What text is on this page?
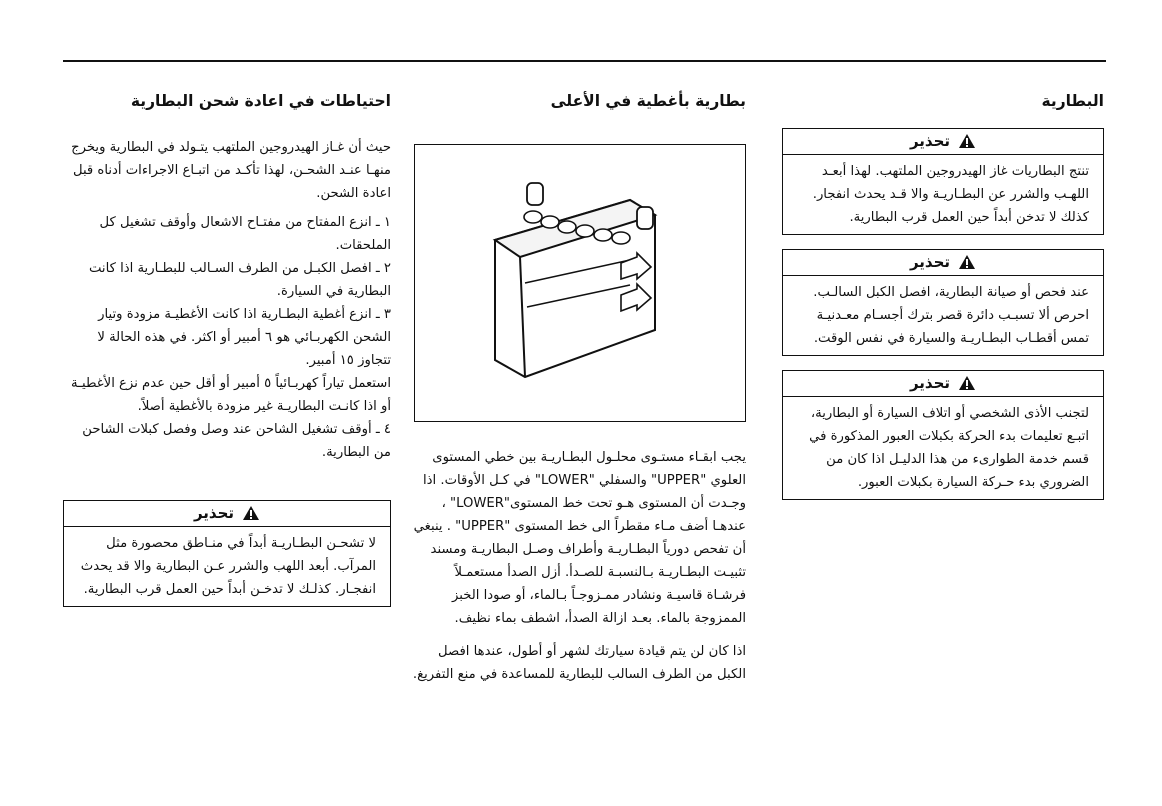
البطارية
تحذير
تنتج البطاريات غاز الهيدروجين الملتهب. لهذا أبعـد اللهـب والشرر عن البطـاريـة والا قـد يحدث انفجار. كذلك لا تدخن أبداً حين العمل قرب البطارية.
تحذير
عند فحص أو صيانة البطارية، افصل الكبل السالـب. احرص ألا تسبـب دائرة قصر بترك أجسـام معـدنيـة تمس أقطـاب البطـاريـة والسيارة في نفس الوقت.
تحذير
لتجنب الأذى الشخصي أو اتلاف السيارة أو البطارية، اتبـع تعليمات بدء الحركة بكبلات العبور المذكورة في قسم خدمة الطوارىء من هذا الدليـل اذا كان من الضروري بدء حـركة السيارة بكبلات العبور.
بطارية بأغطية في الأعلى

يجب ابقـاء مستـوى محلـول البطـاريـة بين خطي المستوى العلوي "UPPER" والسفلي "LOWER" في كـل الأوقات. اذا وجـدت أن المستوى هـو تحت خط المستوى"LOWER" ، عندهـا أضف مـاء مقطراً الى خط المستوى "UPPER" . ينبغي أن تفحص دورياً البطـاريـة وأطراف وصـل البطاريـة ومسند تثبيـت البطـاريـة بـالنسبـة للصـدأ. أزل الصدأ مستعمـلاً فرشـاة قاسيـة ونشادر ممـزوجـاً بـالماء، أو صودا الخبز الممزوجة بالماء. بعـد ازالة الصدأ، اشطف بماء نظيف.

اذا كان لن يتم قيادة سيارتك لشهر أو أطول، عندها افصل الكبل من الطرف السالب للبطارية للمساعدة في منع التفريغ.

احتياطات في اعادة شحن البطارية

حيث أن غـاز الهيدروجين الملتهب يتـولد في البطارية ويخرج منهـا عنـد الشحـن، لهذا تأكـد من اتبـاع الاجراءات أدناه قبل اعادة الشحن.

١ ـ انزع المفتاح من مفتـاح الاشعال وأوقف تشغيل كل الملحقات.
٢ ـ افصل الكبـل من الطرف السـالب للبطـارية اذا كانت البطارية في السيارة.
٣ ـ انزع أغطية البطـارية اذا كانت الأغطيـة مزودة وتيار الشحن الكهربـائي هو ٦ أمبير أو اكثر. في هذه الحالة لا تتجاوز ١٥ أمبير.
استعمل تياراً كهربـائياً ٥ أمبير أو أقل حين عدم نزع الأغطيـة أو اذا كانـت البطاريـة غير مزودة بالأغطية أصلاً.
٤ ـ أوقف تشغيل الشاحن عند وصل وفصل كبلات الشاحن من البطارية.
تحذير
لا تشحـن البطـاريـة أبداً في منـاطق محصورة مثل المرآب. أبعد اللهب والشرر عـن البطارية والا قد يحدث انفجـار. كذلـك لا تدخـن أبداً حين العمل قرب البطارية.
